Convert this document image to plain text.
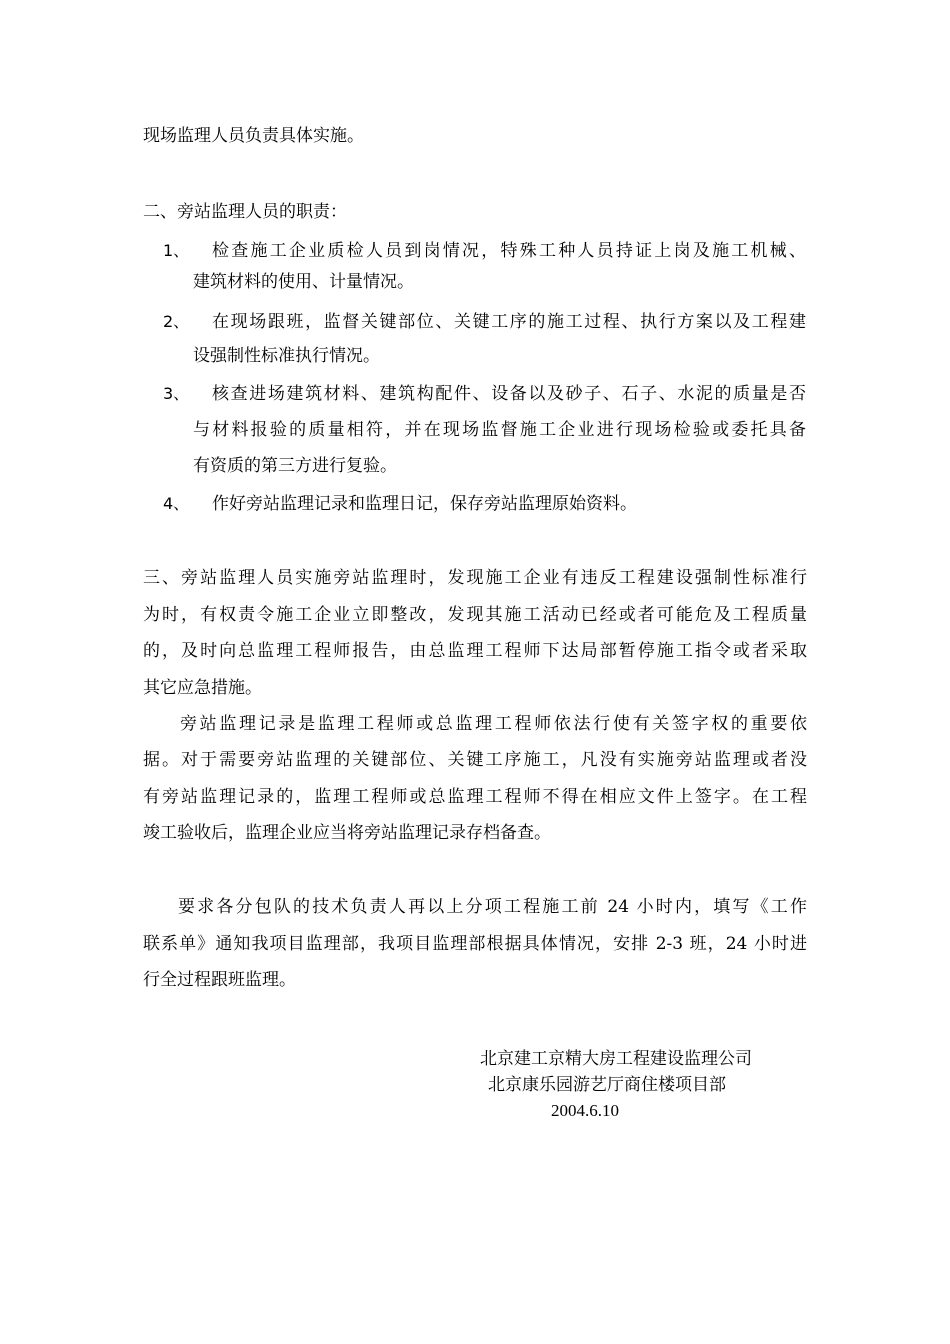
现场监理人员负责具体实施。
二、旁站监理人员的职责：
1、 检查施工企业质检人员到岗情况，特殊工种人员持证上岗及施工机械、
建筑材料的使用、计量情况。
2、 在现场跟班，监督关键部位、关键工序的施工过程、执行方案以及工程建
设强制性标准执行情况。
3、 核查进场建筑材料、建筑构配件、设备以及砂子、石子、水泥的质量是否
与材料报验的质量相符，并在现场监督施工企业进行现场检验或委托具备
有资质的第三方进行复验。
4、 作好旁站监理记录和监理日记，保存旁站监理原始资料。
三、旁站监理人员实施旁站监理时，发现施工企业有违反工程建设强制性标准行
为时，有权责令施工企业立即整改，发现其施工活动已经或者可能危及工程质量
的，及时向总监理工程师报告，由总监理工程师下达局部暂停施工指令或者采取
其它应急措施。
旁站监理记录是监理工程师或总监理工程师依法行使有关签字权的重要依
据。对于需要旁站监理的关键部位、关键工序施工，凡没有实施旁站监理或者没
有旁站监理记录的，监理工程师或总监理工程师不得在相应文件上签字。在工程
竣工验收后，监理企业应当将旁站监理记录存档备查。
要求各分包队的技术负责人再以上分项工程施工前 24 小时内，填写《工作
联系单》通知我项目监理部，我项目监理部根据具体情况，安排 2-3 班，24 小时进
行全过程跟班监理。
北京建工京精大房工程建设监理公司
北京康乐园游艺厅商住楼项目部
2004.6.10
